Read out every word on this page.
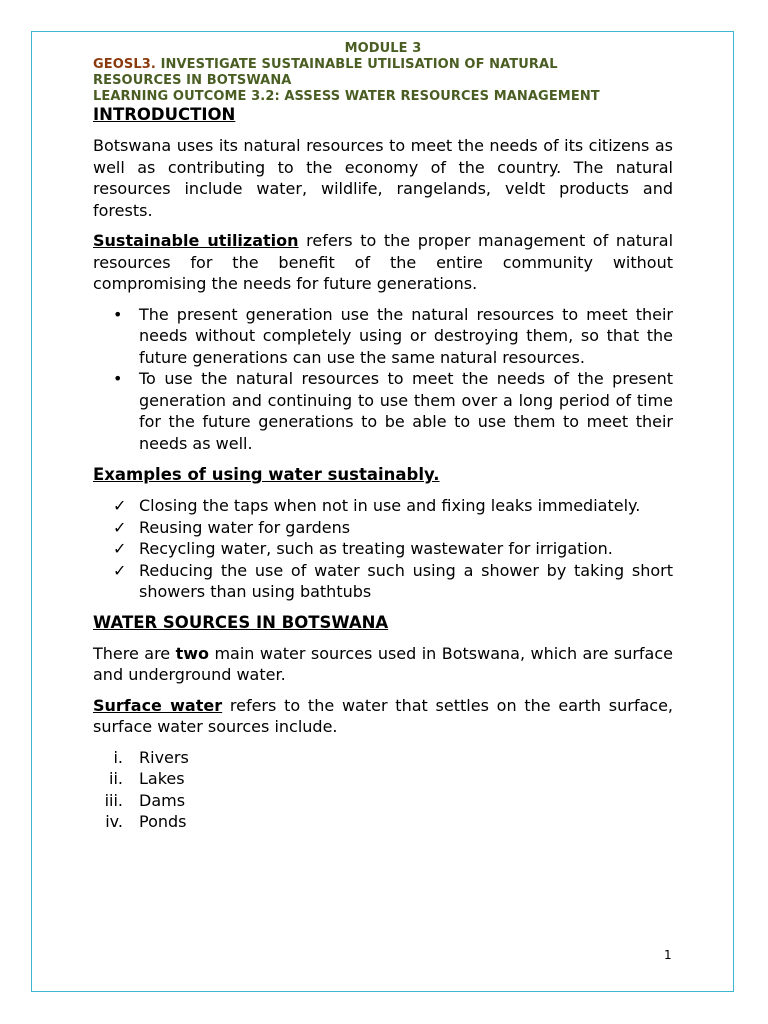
MODULE 3
GEOSL3. INVESTIGATE SUSTAINABLE UTILISATION OF NATURAL
RESOURCES IN BOTSWANA
LEARNING OUTCOME 3.2: ASSESS WATER RESOURCES MANAGEMENT
INTRODUCTION

Botswana uses its natural resources to meet the needs of its citizens as well as contributing to the economy of the country. The natural resources include water, wildlife, rangelands, veldt products and forests.

Sustainable utilization refers to the proper management of natural resources for the benefit of the entire community without compromising the needs for future generations.

•	The present generation use the natural resources to meet their needs without completely using or destroying them, so that the future generations can use the same natural resources.
•	To use the natural resources to meet the needs of the present generation and continuing to use them over a long period of time for the future generations to be able to use them to meet their needs as well.
Examples of using water sustainably.
✓ Closing the taps when not in use and fixing leaks immediately.
✓ Reusing water for gardens
✓ Recycling water, such as treating wastewater for irrigation.
✓ Reducing the use of water such using a shower by taking short showers than using bathtubs
WATER SOURCES IN BOTSWANA

There are two main water sources used in Botswana, which are surface and underground water.

Surface water refers to the water that settles on the earth surface, surface water sources include.

i. Rivers
ii. Lakes
iii. Dams
iv. Ponds
1
